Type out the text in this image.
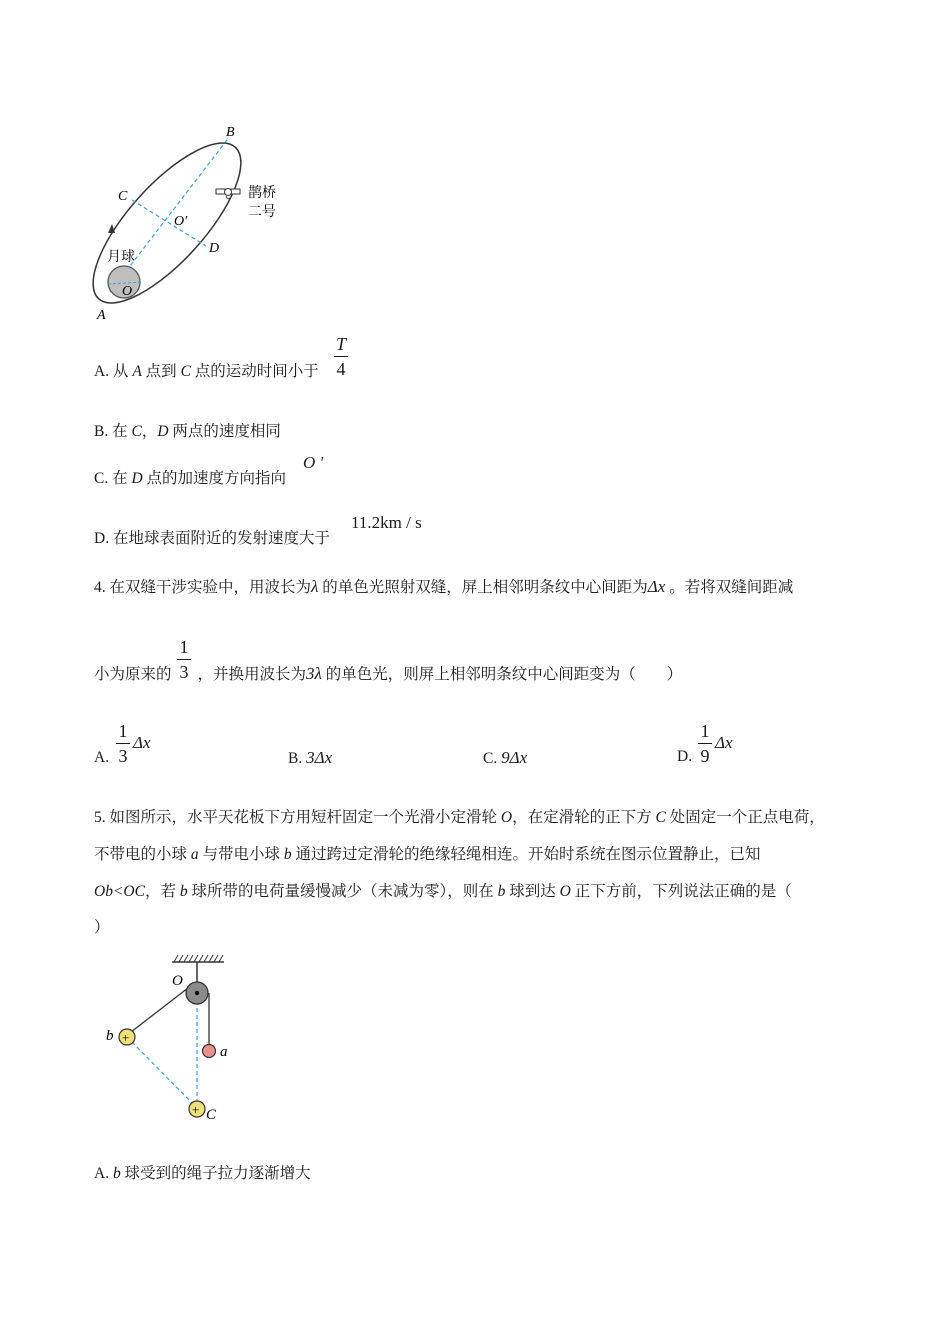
B
C
O′
D
A
O
月球
鹊桥
二号
A. 从 A 点到 C 点的运动时间小于
T
4
B. 在 C，D 两点的速度相同
C. 在 D 点的加速度方向指向
O '
D. 在地球表面附近的发射速度大于
11.2km / s
4. 在双缝干涉实验中，用波长为λ 的单色光照射双缝，屏上相邻明条纹中心间距为Δx 。若将双缝间距减
小为原来的 ，并换用波长为3λ 的单色光，则屏上相邻明条纹中心间距变为（　　）
1
3
A.
1
3
Δx
B. 3Δx	C. 9Δx	D.
1
9
Δx
5. 如图所示，水平天花板下方用短杆固定一个光滑小定滑轮 O，在定滑轮的正下方 C 处固定一个正点电荷，
不带电的小球 a 与带电小球 b 通过跨过定滑轮的绝缘轻绳相连。开始时系统在图示位置静止，已知
Ob<OC，若 b 球所带的电荷量缓慢减少（未减为零），则在 b 球到达 O 正下方前，下列说法正确的是（
）
+
+
O
b
a
C
A. b 球受到的绳子拉力逐渐增大
